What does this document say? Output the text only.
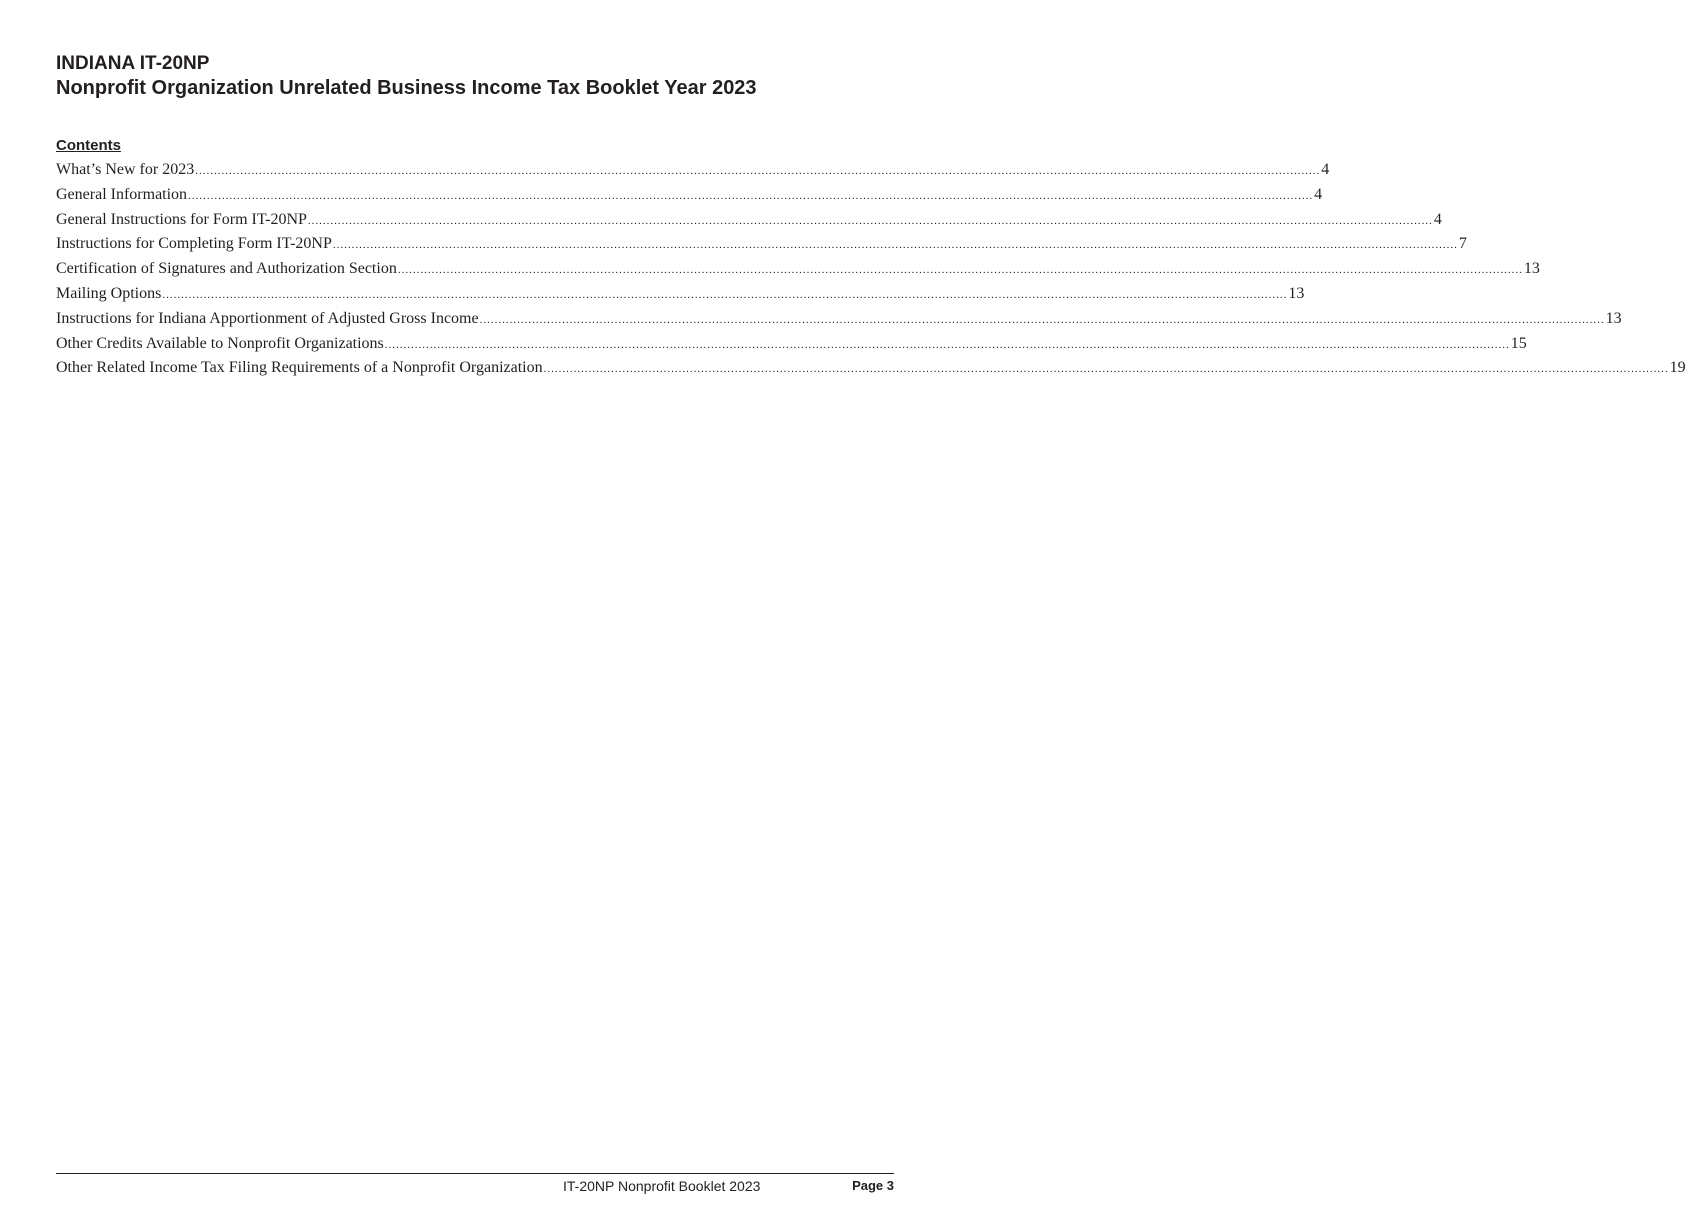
INDIANA IT-20NP
Nonprofit Organization Unrelated Business Income Tax Booklet Year 2023
Contents
What’s New for 2023 ............................................................................................................................................................................................................................................................................................................ 4
General Information ............................................................................................................................................................................................................................................................................................................ 4
General Instructions for Form IT-20NP ............................................................................................................................................................................................................................................................................................................ 4
Instructions for Completing Form IT-20NP ............................................................................................................................................................................................................................................................................................................ 7
Certification of Signatures and Authorization Section ............................................................................................................................................................................................................................................................................................................ 13
Mailing Options ............................................................................................................................................................................................................................................................................................................ 13
Instructions for Indiana Apportionment of Adjusted Gross Income ............................................................................................................................................................................................................................................................................................................ 13
Other Credits Available to Nonprofit Organizations ............................................................................................................................................................................................................................................................................................................ 15
Other Related Income Tax Filing Requirements of a Nonprofit Organization ............................................................................................................................................................................................................................................................................................................ 19
IT-20NP Nonprofit Booklet 2023	Page 3
